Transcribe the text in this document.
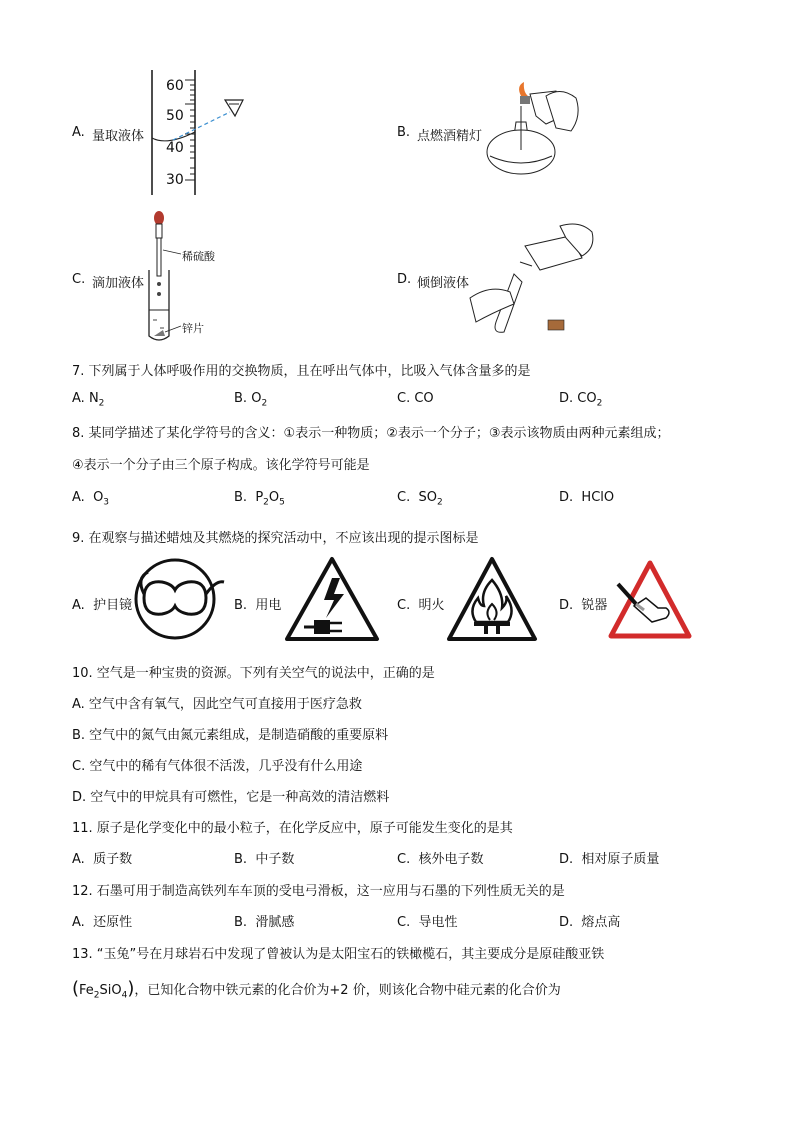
A. 量取液体
60
50
40
30
B. 点燃酒精灯
C. 滴加液体
稀硫酸
锌片
D. 倾倒液体
7. 下列属于人体呼吸作用的交换物质，且在呼出气体中，比吸入气体含量多的是
A. $N_2$	B. $O_2$	C. CO	D. $CO_2$
8. 某同学描述了某化学符号的含义：①表示一种物质；②表示一个分子；③表示该物质由两种元素组成；
④表示一个分子由三个原子构成。该化学符号可能是
A. $O_3$	B. $P_2O_5$	C. $SO_2$	D. HClO
9. 在观察与描述蜡烛及其燃烧的探究活动中，不应该出现的提示图标是
A. 护目镜	B. 用电	C. 明火	D. 锐器
10. 空气是一种宝贵的资源。下列有关空气的说法中，正确的是
A. 空气中含有氧气，因此空气可直接用于医疗急救
B. 空气中的氮气由氮元素组成，是制造硝酸的重要原料
C. 空气中的稀有气体很不活泼，几乎没有什么用途
D. 空气中的甲烷具有可燃性，它是一种高效的清洁燃料
11. 原子是化学变化中的最小粒子，在化学反应中，原子可能发生变化的是其
A. 质子数	B. 中子数	C. 核外电子数	D. 相对原子质量
12. 石墨可用于制造高铁列车车顶的受电弓滑板，这一应用与石墨的下列性质无关的是
A. 还原性	B. 滑腻感	C. 导电性	D. 熔点高
13. “玉兔”号在月球岩石中发现了曾被认为是太阳宝石的铁橄榄石，其主要成分是原硅酸亚铁
$(Fe_2SiO_4)$，已知化合物中铁元素的化合价为+2 价，则该化合物中硅元素的化合价为
